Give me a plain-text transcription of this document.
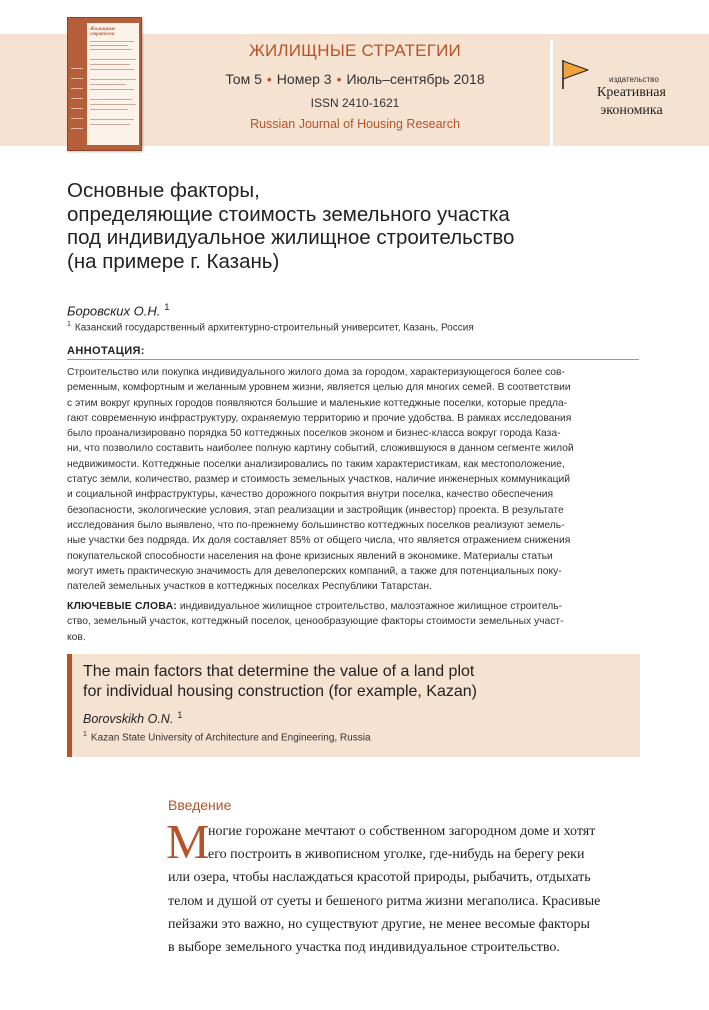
Жилищные
стратегии
ЖИЛИЩНЫЕ СТРАТЕГИИ
Том 5 • Номер 3 • Июль–сентябрь 2018
ISSN 2410-1621
Russian Journal of Housing Research
издательство
Креативная
экономика
Основные факторы,
определяющие стоимость земельного участка
под индивидуальное жилищное строительство
(на примере г. Казань)
Боровских О.Н. $^1$
$^1$ Казанский государственный архитектурно-строительный университет, Казань, Россия
АННОТАЦИЯ:
Строительство или покупка индивидуального жилого дома за городом, характеризующегося более сов-
ременным, комфортным и желанным уровнем жизни, является целью для многих семей. В соответствии
с этим вокруг крупных городов появляются большие и маленькие коттеджные поселки, которые предла-
гают современную инфраструктуру, охраняемую территорию и прочие удобства. В рамках исследования
было проанализировано порядка 50 коттеджных поселков эконом и бизнес-класса вокруг города Каза-
ни, что позволило составить наиболее полную картину событий, сложившуюся в данном сегменте жилой
недвижимости. Коттеджные поселки анализировались по таким характеристикам, как местоположение,
статус земли, количество, размер и стоимость земельных участков, наличие инженерных коммуникаций
и социальной инфраструктуры, качество дорожного покрытия внутри поселка, качество обеспечения
безопасности, экологические условия, этап реализации и застройщик (инвестор) проекта. В результате
исследования было выявлено, что по-прежнему большинство коттеджных поселков реализуют земель-
ные участки без подряда. Их доля составляет 85% от общего числа, что является отражением снижения
покупательской способности населения на фоне кризисных явлений в экономике. Материалы статьи
могут иметь практическую значимость для девелоперских компаний, а также для потенциальных поку-
пателей земельных участков в коттеджных поселках Республики Татарстан.
КЛЮЧЕВЫЕ СЛОВА: индивидуальное жилищное строительство, малоэтажное жилищное строитель-
ство, земельный участок, коттеджный поселок, ценообразующие факторы стоимости земельных участ-
ков.
The main factors that determine the value of a land plot
for individual housing construction (for example, Kazan)
Borovskikh O.N. $^1$
$^1$ Kazan State University of Architecture and Engineering, Russia
Введение
М
ногие горожане мечтают о собственном загородном доме и хотят
его построить в живописном уголке, где-нибудь на берегу реки
или озера, чтобы наслаждаться красотой природы, рыбачить, отдыхать
телом и душой от суеты и бешеного ритма жизни мегаполиса. Красивые
пейзажи это важно, но существуют другие, не менее весомые факторы
в выборе земельного участка под индивидуальное строительство.
